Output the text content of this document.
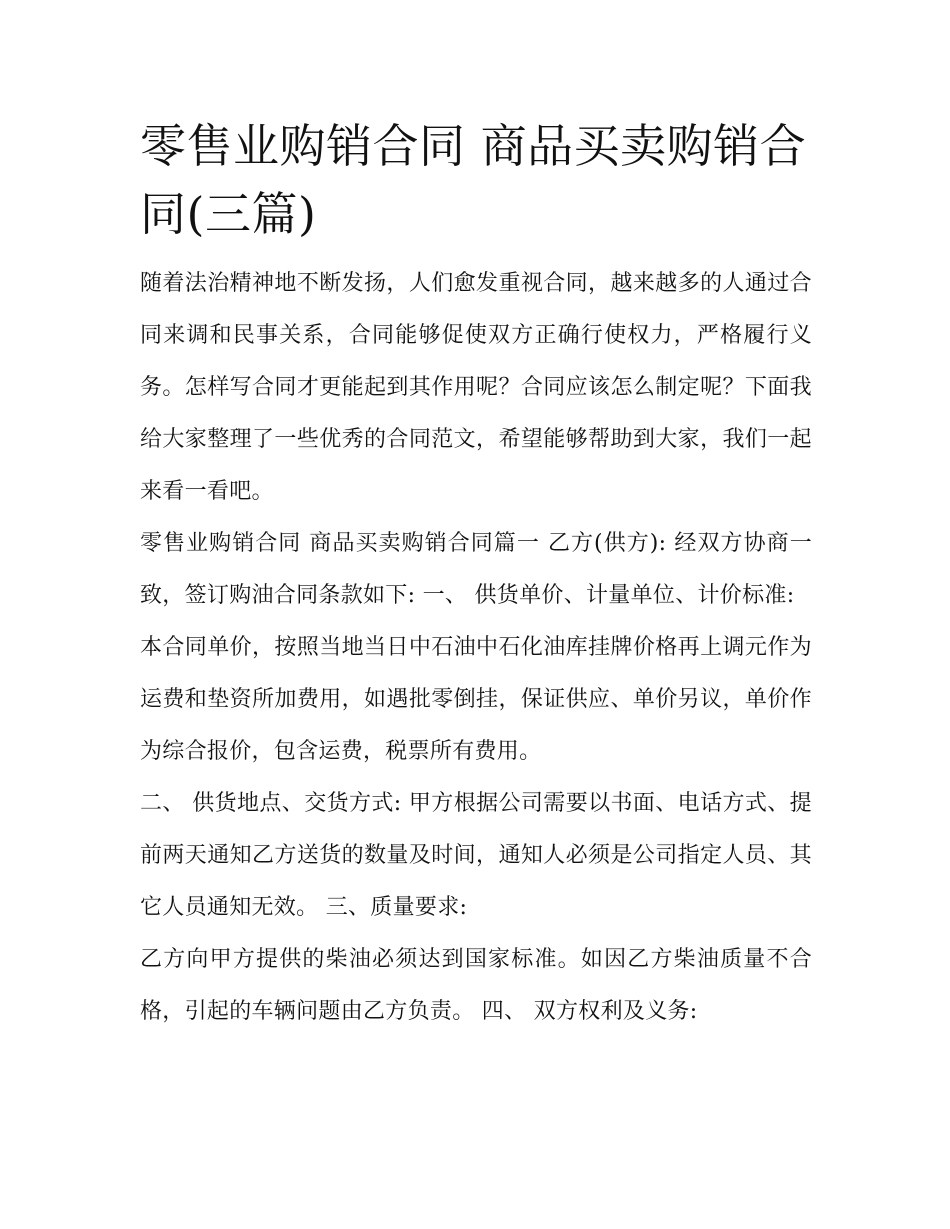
零售业购销合同 商品买卖购销合同(三篇)

随着法治精神地不断发扬，人们愈发重视合同，越来越多的人通过合同来调和民事关系，合同能够促使双方正确行使权力，严格履行义务。怎样写合同才更能起到其作用呢？合同应该怎么制定呢？下面我给大家整理了一些优秀的合同范文，希望能够帮助到大家，我们一起来看一看吧。

零售业购销合同 商品买卖购销合同篇一 乙方(供方): 经双方协商一致，签订购油合同条款如下: 一、 供货单价、计量单位、计价标准:

本合同单价，按照当地当日中石油中石化油库挂牌价格再上调元作为运费和垫资所加费用，如遇批零倒挂，保证供应、单价另议，单价作为综合报价，包含运费，税票所有费用。

二、 供货地点、交货方式: 甲方根据公司需要以书面、电话方式、提前两天通知乙方送货的数量及时间，通知人必须是公司指定人员、其它人员通知无效。 三、质量要求:

乙方向甲方提供的柴油必须达到国家标准。如因乙方柴油质量不合格，引起的车辆问题由乙方负责。 四、 双方权利及义务:
